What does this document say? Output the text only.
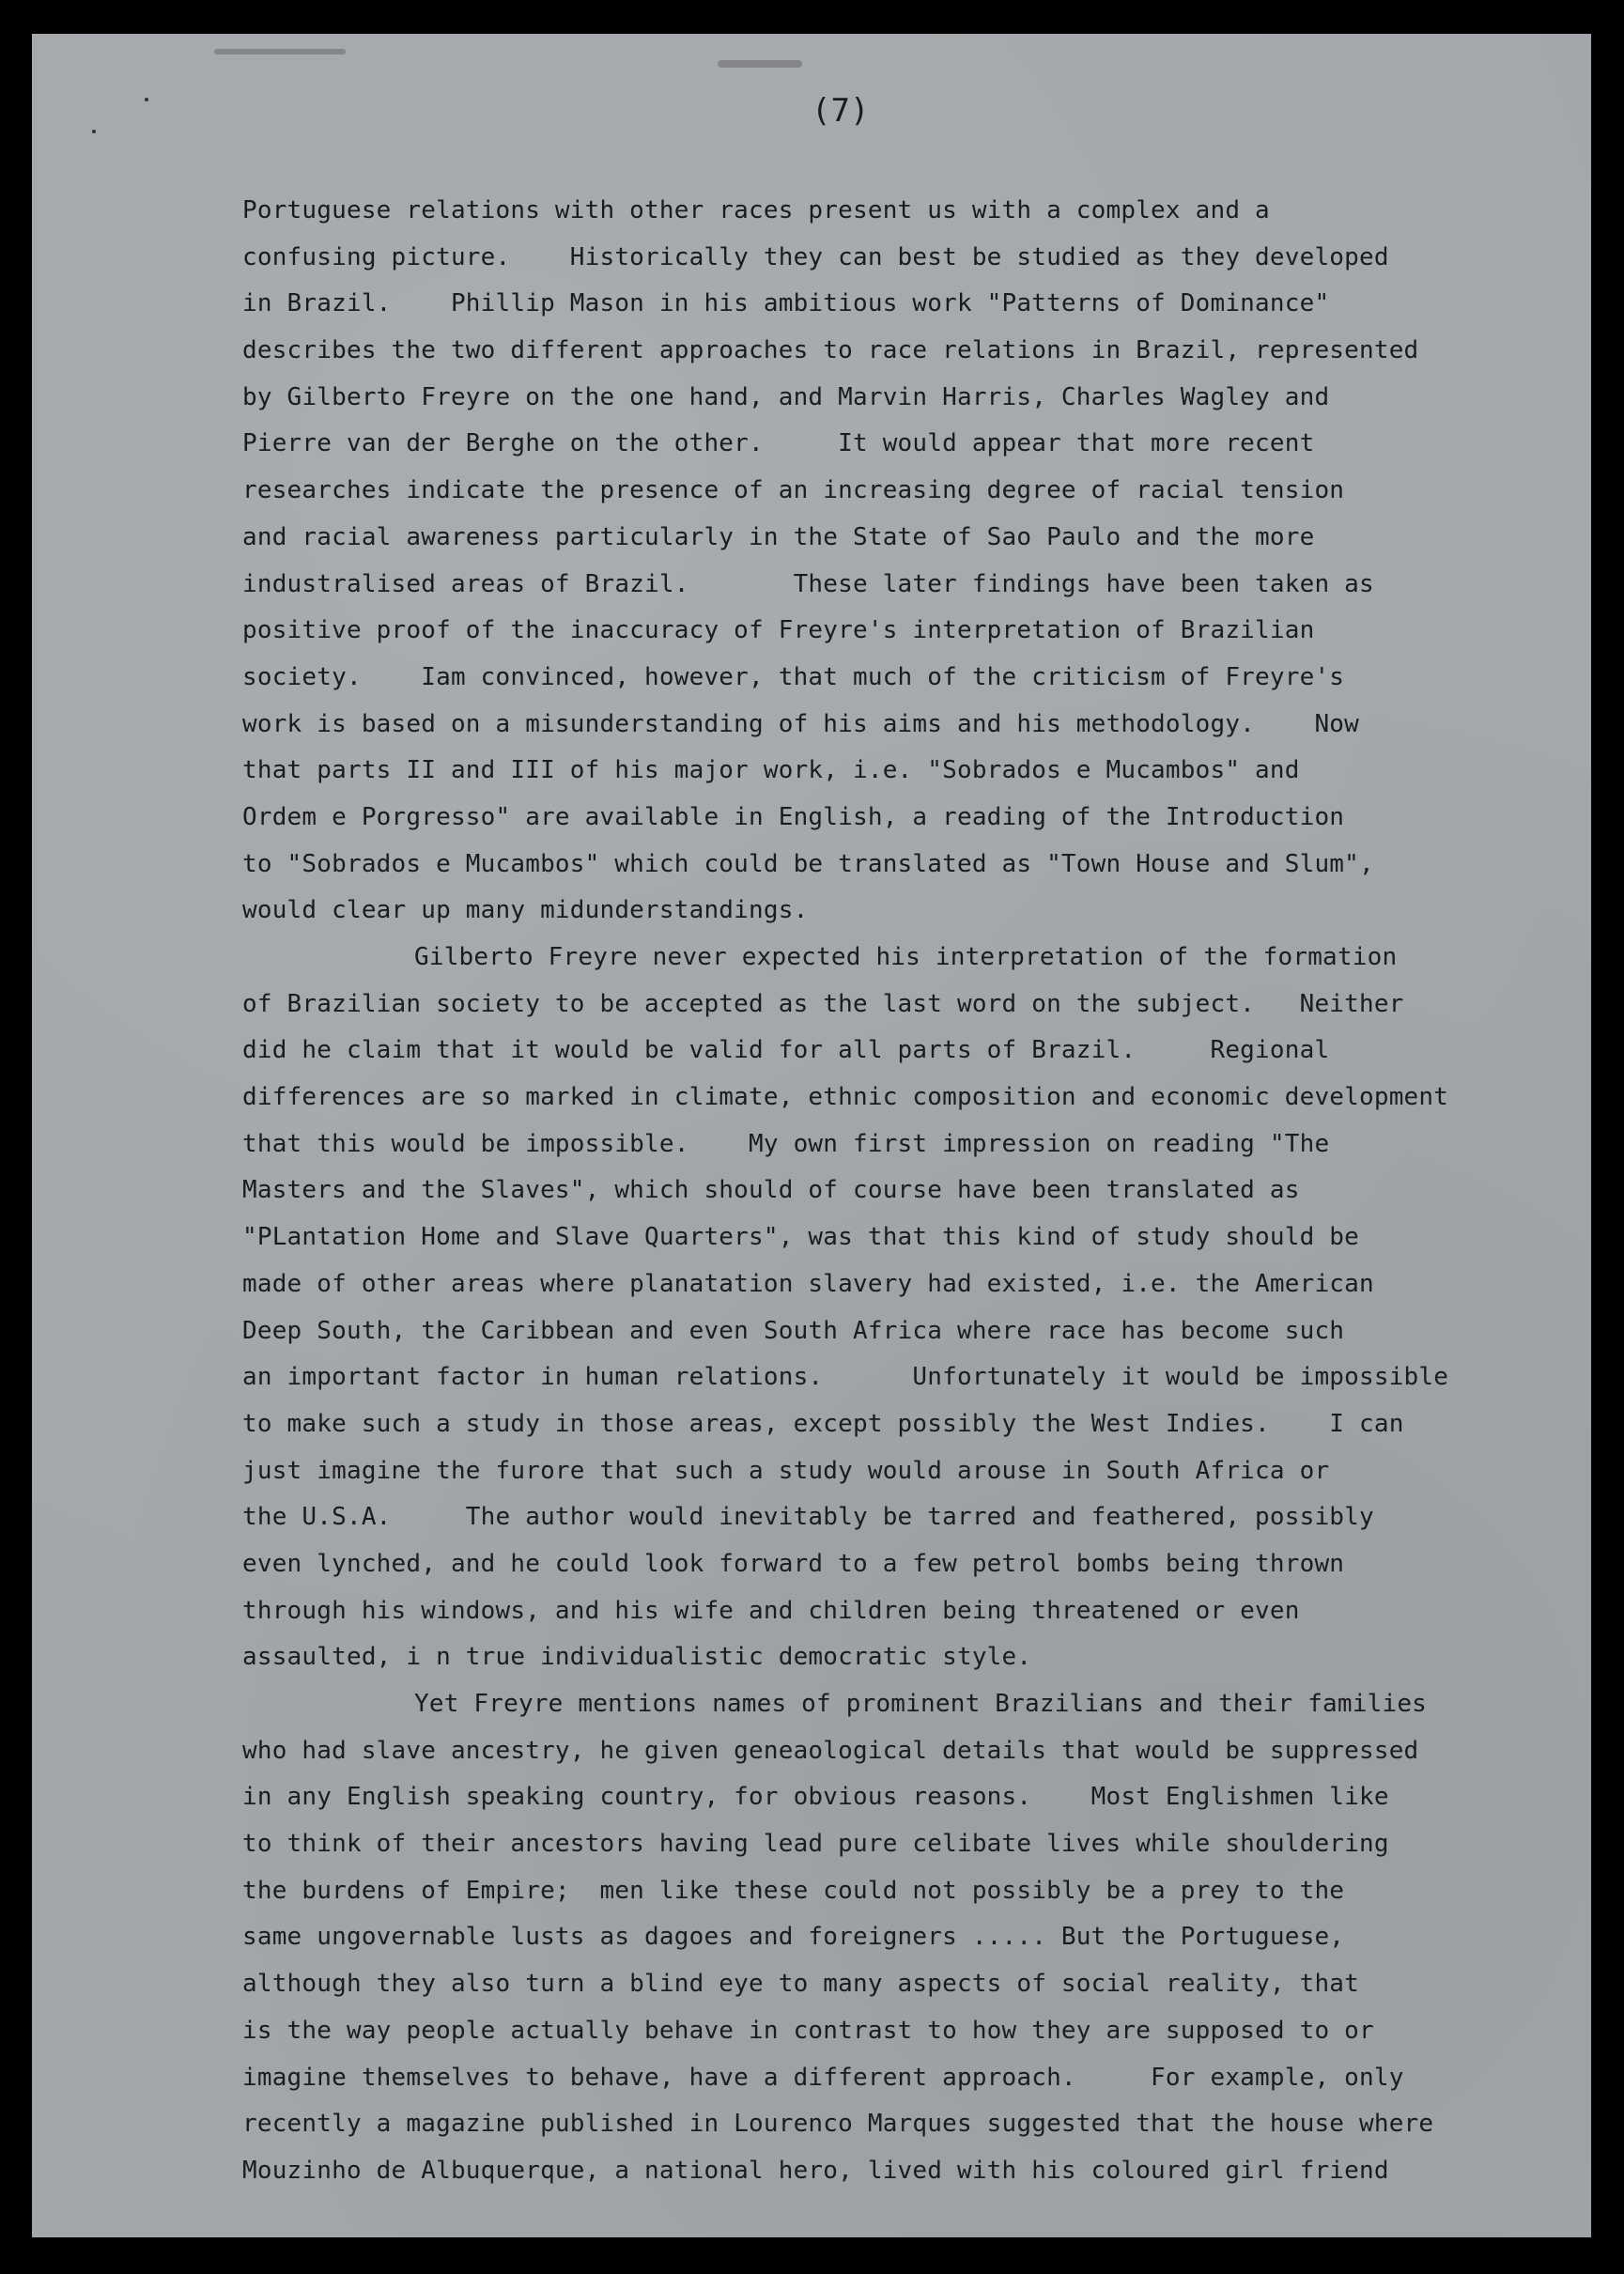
(7)
Portuguese relations with other races present us with a complex and a
confusing picture.    Historically they can best be studied as they developed
in Brazil.    Phillip Mason in his ambitious work "Patterns of Dominance"
describes the two different approaches to race relations in Brazil, represented
by Gilberto Freyre on the one hand, and Marvin Harris, Charles Wagley and
Pierre van der Berghe on the other.     It would appear that more recent
researches indicate the presence of an increasing degree of racial tension
and racial awareness particularly in the State of Sao Paulo and the more
industralised areas of Brazil.       These later findings have been taken as
positive proof of the inaccuracy of Freyre's interpretation of Brazilian
society.    Iam convinced, however, that much of the criticism of Freyre's
work is based on a misunderstanding of his aims and his methodology.    Now
that parts II and III of his major work, i.e. "Sobrados e Mucambos" and
Ordem e Porgresso" are available in English, a reading of the Introduction
to "Sobrados e Mucambos" which could be translated as "Town House and Slum",
would clear up many midunderstandings.
Gilberto Freyre never expected his interpretation of the formation
of Brazilian society to be accepted as the last word on the subject.   Neither
did he claim that it would be valid for all parts of Brazil.     Regional
differences are so marked in climate, ethnic composition and economic development
that this would be impossible.    My own first impression on reading "The
Masters and the Slaves", which should of course have been translated as
"PLantation Home and Slave Quarters", was that this kind of study should be
made of other areas where planatation slavery had existed, i.e. the American
Deep South, the Caribbean and even South Africa where race has become such
an important factor in human relations.      Unfortunately it would be impossible
to make such a study in those areas, except possibly the West Indies.    I can
just imagine the furore that such a study would arouse in South Africa or
the U.S.A.     The author would inevitably be tarred and feathered, possibly
even lynched, and he could look forward to a few petrol bombs being thrown
through his windows, and his wife and children being threatened or even
assaulted, i n true individualistic democratic style.
Yet Freyre mentions names of prominent Brazilians and their families
who had slave ancestry, he given geneaological details that would be suppressed
in any English speaking country, for obvious reasons.    Most Englishmen like
to think of their ancestors having lead pure celibate lives while shouldering
the burdens of Empire;  men like these could not possibly be a prey to the
same ungovernable lusts as dagoes and foreigners ..... But the Portuguese,
although they also turn a blind eye to many aspects of social reality, that
is the way people actually behave in contrast to how they are supposed to or
imagine themselves to behave, have a different approach.     For example, only
recently a magazine published in Lourenco Marques suggested that the house where
Mouzinho de Albuquerque, a national hero, lived with his coloured girl friend
